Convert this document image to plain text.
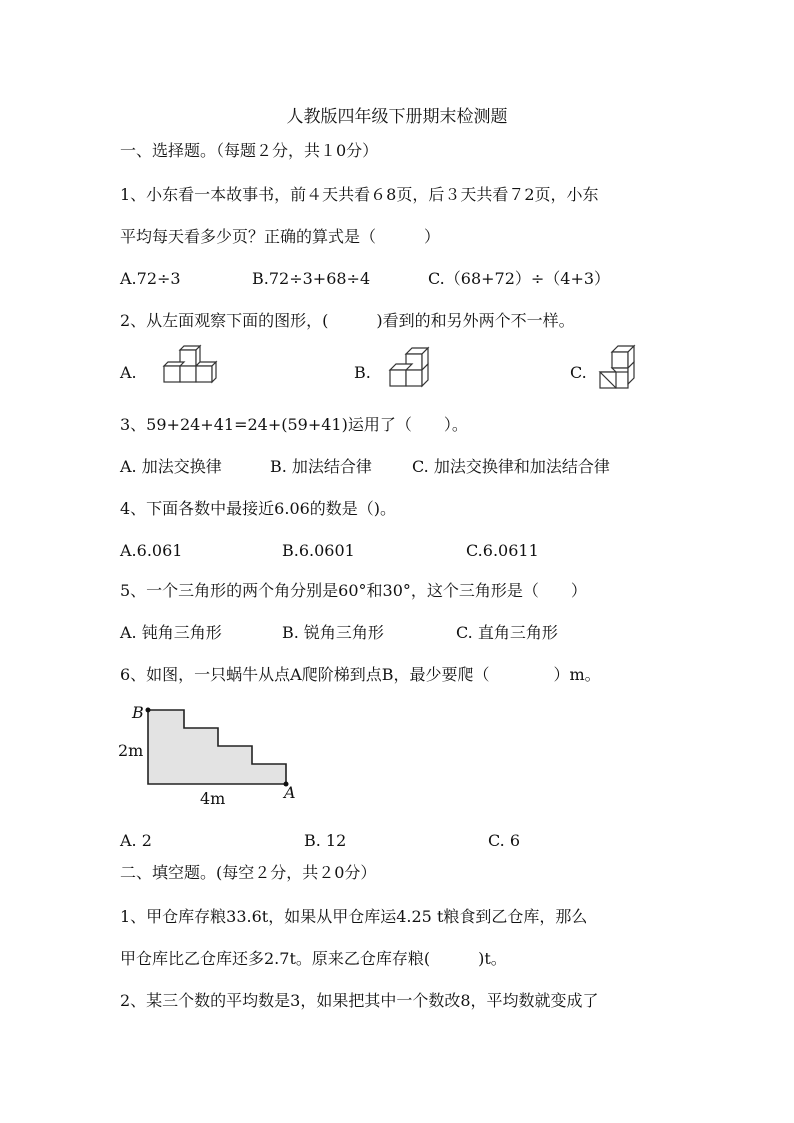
人教版四年级下册期末检测题
一、选择题。（每题２分，共１0分）
1、小东看一本故事书，前４天共看６8页，后３天共看７2页，小东
平均每天看多少页？正确的算式是（　　　）
A.72÷3	B.72÷3+68÷4	C.（68+72）÷（4+3）
2、从左面观察下面的图形，(　　　)看到的和另外两个不一样。
A.	B.	C.
3、59+24+41=24+(59+41)运用了（　　）。
A. 加法交换律	B. 加法结合律	C. 加法交换律和加法结合律
4、下面各数中最接近6.06的数是（)。
A.6.061	B.6.0601	C.6.0611
5、一个三角形的两个角分别是60°和30°，这个三角形是（　　）
A. 钝角三角形	B. 锐角三角形	C. 直角三角形
6、如图，一只蜗牛从点A爬阶梯到点B，最少要爬（　　　　）m。
B
A
2m
4m
A. 2	B. 12	C. 6
二、填空题。(每空２分，共２0分）
1、甲仓库存粮33.6t，如果从甲仓库运4.25 t粮食到乙仓库，那么
甲仓库比乙仓库还多2.7t。原来乙仓库存粮(　　　)t。
2、某三个数的平均数是3，如果把其中一个数改8，平均数就变成了
